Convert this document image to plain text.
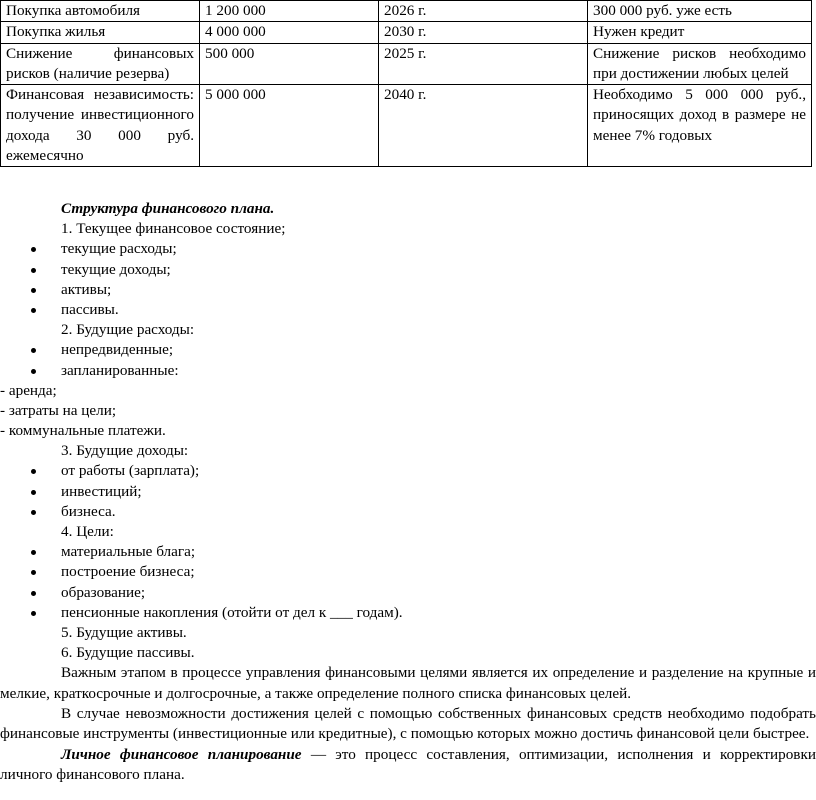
Покупка автомобиля	1 200 000	2026 г.	300 000 руб. уже есть
Покупка жилья	4 000 000	2030 г.	Нужен кредит
Снижение финансовых рисков (наличие резерва)	500 000	2025 г.	Снижение рисков необходимо при достижении любых целей
Финансовая независимость: получение инвестиционного дохода 30 000 руб. ежемесячно	5 000 000	2040 г.	Необходимо 5 000 000 руб., приносящих доход в размере не менее 7% годовых
Структура финансового плана.
1. Текущее финансовое состояние;
текущие расходы;
текущие доходы;
активы;
пассивы.
2. Будущие расходы:
непредвиденные;
запланированные:
- аренда;
- затраты на цели;
- коммунальные платежи.
3. Будущие доходы:
от работы (зарплата);
инвестиций;
бизнеса.
4. Цели:
материальные блага;
построение бизнеса;
образование;
пенсионные накопления (отойти от дел к ___ годам).
5. Будущие активы.
6. Будущие пассивы.

Важным этапом в процессе управления финансовыми целями является их определение и разделение на крупные и мелкие, краткосрочные и долгосрочные, а также определение полного списка финансовых целей.

В случае невозможности достижения целей с помощью собственных финансовых средств необходимо подобрать финансовые инструменты (инвестиционные или кредитные), с помощью которых можно достичь финансовой цели быстрее.

Личное финансовое планирование — это процесс составления, оптимизации, исполнения и корректировки личного финансового плана.
